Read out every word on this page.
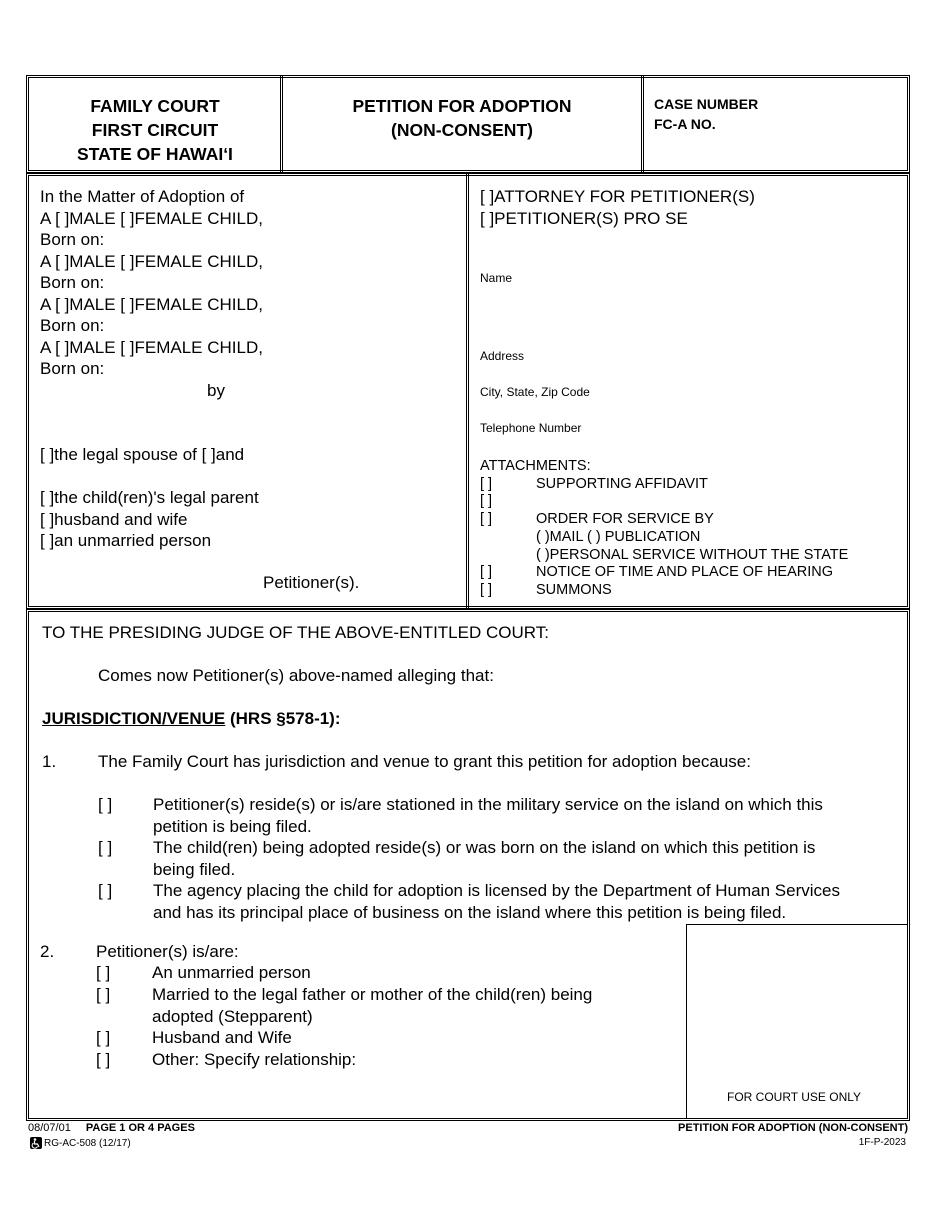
FAMILY COURT
FIRST CIRCUIT
STATE OF HAWAI‘I
PETITION FOR ADOPTION
(NON-CONSENT)
CASE NUMBER
FC-A NO.
In the Matter of Adoption of
A [ ]MALE [ ]FEMALE CHILD,
Born on:
A [ ]MALE [ ]FEMALE CHILD,
Born on:
A [ ]MALE [ ]FEMALE CHILD,
Born on:
A [ ]MALE [ ]FEMALE CHILD,
Born on:
by
[ ]the legal spouse of [ ]and
[ ]the child(ren)'s legal parent
[ ]husband and wife
[ ]an unmarried person
Petitioner(s).
[ ]ATTORNEY FOR PETITIONER(S)
[ ]PETITIONER(S) PRO SE
Name
Address
City, State, Zip Code
Telephone Number
ATTACHMENTS:
[ ]	SUPPORTING AFFIDAVIT
[ ]
[ ]	ORDER FOR SERVICE BY
( )MAIL ( ) PUBLICATION
( )PERSONAL SERVICE WITHOUT THE STATE
[ ]	NOTICE OF TIME AND PLACE OF HEARING
[ ]	SUMMONS
TO THE PRESIDING JUDGE OF THE ABOVE-ENTITLED COURT:
Comes now Petitioner(s) above-named alleging that:
JURISDICTION/VENUE (HRS §578-1):
1. The Family Court has jurisdiction and venue to grant this petition for adoption because:
[ ] Petitioner(s) reside(s) or is/are stationed in the military service on the island on which this
petition is being filed.
[ ] The child(ren) being adopted reside(s) or was born on the island on which this petition is
being filed.
[ ] The agency placing the child for adoption is licensed by the Department of Human Services
and has its principal place of business on the island where this petition is being filed.
2. Petitioner(s) is/are:
[ ] An unmarried person
[ ] Married to the legal father or mother of the child(ren) being
adopted (Stepparent)
[ ] Husband and Wife
[ ] Other: Specify relationship:
FOR COURT USE ONLY
08/07/01 PAGE 1 OR 4 PAGES
RG-AC-508 (12/17)
PETITION FOR ADOPTION (NON-CONSENT)
1F-P-2023
